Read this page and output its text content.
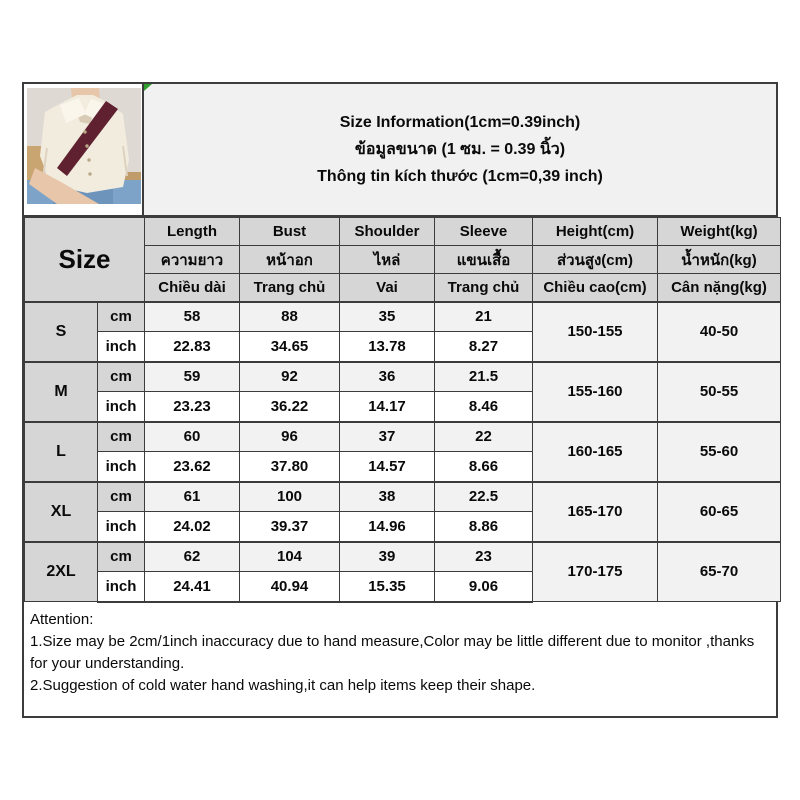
Size Information(1cm=0.39inch)
ข้อมูลขนาด (1 ซม. = 0.39 นิ้ว)
Thông tin kích thước (1cm=0,39 inch)
Size		Length	Bust	Shoulder	Sleeve	Height(cm)	Weight(kg)
		ความยาว	หน้าอก	ไหล่	แขนเสื้อ	ส่วนสูง(cm)	น้ำหนัก(kg)
		Chiều dài	Trang chủ	Vai	Trang chủ	Chiều cao(cm)	Cân nặng(kg)
S	cm	58	88	35	21	150-155	40-50
	inch	22.83	34.65	13.78	8.27		
M	cm	59	92	36	21.5	155-160	50-55
	inch	23.23	36.22	14.17	8.46		
L	cm	60	96	37	22	160-165	55-60
	inch	23.62	37.80	14.57	8.66		
XL	cm	61	100	38	22.5	165-170	60-65
	inch	24.02	39.37	14.96	8.86		
2XL	cm	62	104	39	23	170-175	65-70
	inch	24.41	40.94	15.35	9.06		
Attention:
1.Size may be 2cm/1inch inaccuracy due to hand measure,Color may be little different due to monitor ,thanks for your understanding.
2.Suggestion of cold water hand washing,it can help items keep their shape.
